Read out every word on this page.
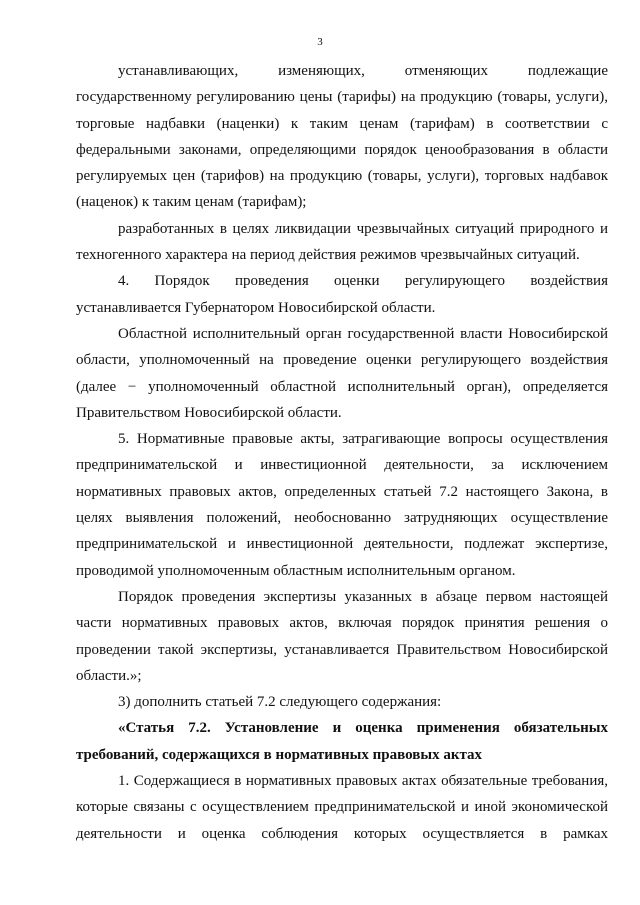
3

устанавливающих, изменяющих, отменяющих подлежащие государственному регулированию цены (тарифы) на продукцию (товары, услуги), торговые надбавки (наценки) к таким ценам (тарифам) в соответствии с федеральными законами, определяющими порядок ценообразования в области регулируемых цен (тарифов) на продукцию (товары, услуги), торговых надбавок (наценок) к таким ценам (тарифам);

разработанных в целях ликвидации чрезвычайных ситуаций природного и техногенного характера на период действия режимов чрезвычайных ситуаций.

4. Порядок проведения оценки регулирующего воздействия устанавливается Губернатором Новосибирской области.

Областной исполнительный орган государственной власти Новосибирской области, уполномоченный на проведение оценки регулирующего воздействия (далее − уполномоченный областной исполнительный орган), определяется Правительством Новосибирской области.

5. Нормативные правовые акты, затрагивающие вопросы осуществления предпринимательской и инвестиционной деятельности, за исключением нормативных правовых актов, определенных статьей 7.2 настоящего Закона, в целях выявления положений, необоснованно затрудняющих осуществление предпринимательской и инвестиционной деятельности, подлежат экспертизе, проводимой уполномоченным областным исполнительным органом.

Порядок проведения экспертизы указанных в абзаце первом настоящей части нормативных правовых актов, включая порядок принятия решения о проведении такой экспертизы, устанавливается Правительством Новосибирской области.»;

3) дополнить статьей 7.2 следующего содержания:

«Статья 7.2. Установление и оценка применения обязательных требований, содержащихся в нормативных правовых актах

1. Содержащиеся в нормативных правовых актах обязательные требования, которые связаны с осуществлением предпринимательской и иной экономической деятельности и оценка соблюдения которых осуществляется в рамках
